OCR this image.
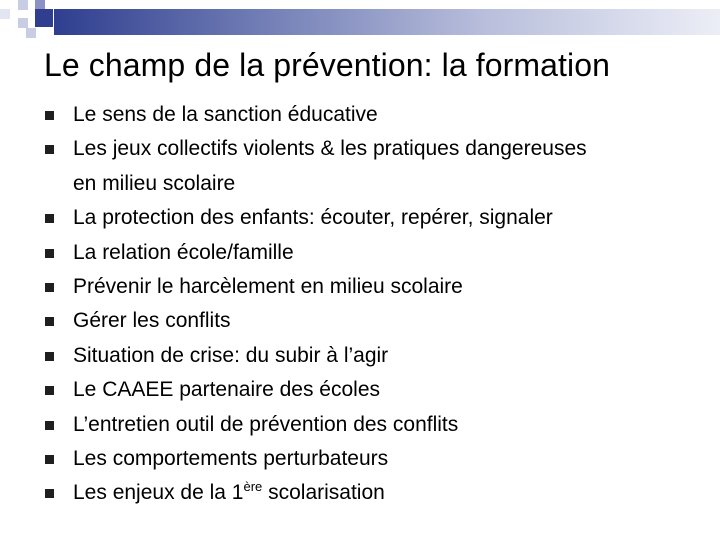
Le champ de la prévention: la formation
Le sens de la sanction éducative
Les jeux collectifs violents & les pratiques dangereuses
en milieu scolaire
La protection des enfants: écouter, repérer, signaler
La relation école/famille
Prévenir le harcèlement en milieu scolaire
Gérer les conflits
Situation de crise: du subir à l’agir
Le CAAEE partenaire des écoles
L’entretien outil de prévention des conflits
Les comportements perturbateurs
Les enjeux de la 1ère scolarisation
